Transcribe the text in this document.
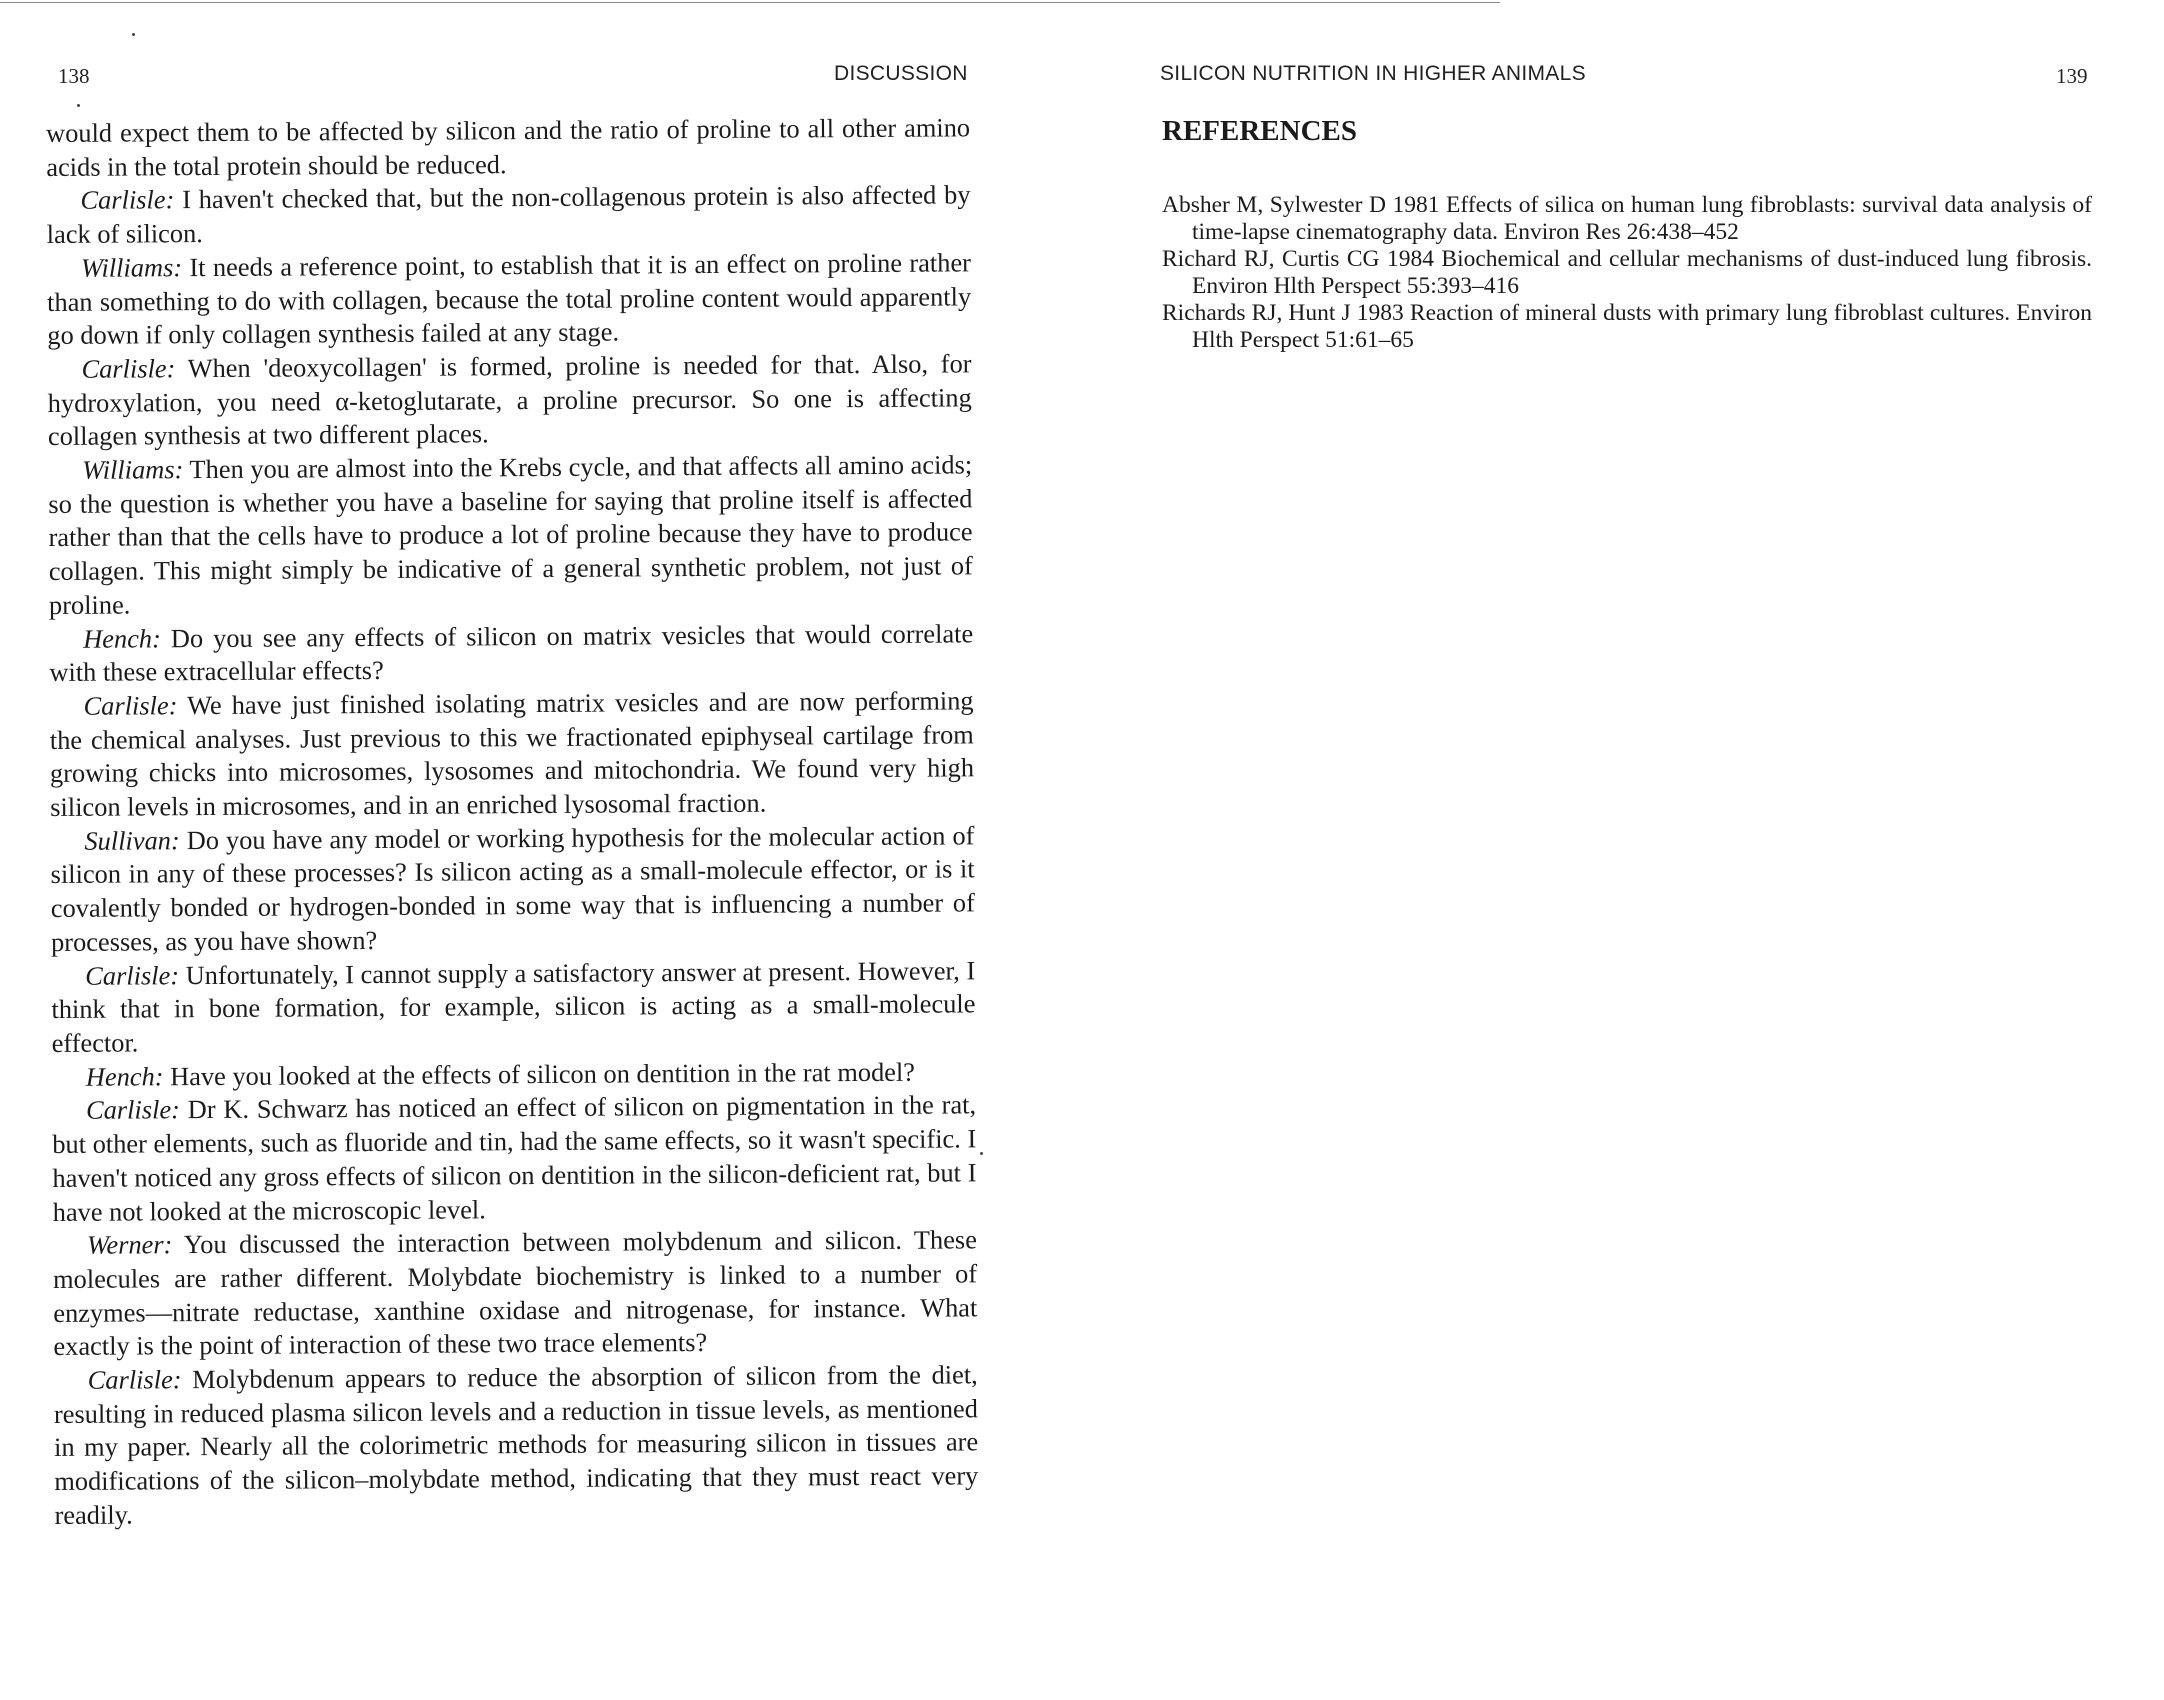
138	DISCUSSION

would expect them to be affected by silicon and the ratio of proline to all other amino acids in the total protein should be reduced.

Carlisle: I haven't checked that, but the non-collagenous protein is also affected by lack of silicon.

Williams: It needs a reference point, to establish that it is an effect on proline rather than something to do with collagen, because the total proline content would apparently go down if only collagen synthesis failed at any stage.

Carlisle: When 'deoxycollagen' is formed, proline is needed for that. Also, for hydroxylation, you need α-ketoglutarate, a proline precursor. So one is affecting collagen synthesis at two different places.

Williams: Then you are almost into the Krebs cycle, and that affects all amino acids; so the question is whether you have a baseline for saying that proline itself is affected rather than that the cells have to produce a lot of proline because they have to produce collagen. This might simply be indicative of a general synthetic problem, not just of proline.

Hench: Do you see any effects of silicon on matrix vesicles that would correlate with these extracellular effects?

Carlisle: We have just finished isolating matrix vesicles and are now performing the chemical analyses. Just previous to this we fractionated epiphyseal cartilage from growing chicks into microsomes, lysosomes and mitochondria. We found very high silicon levels in microsomes, and in an enriched lysosomal fraction.

Sullivan: Do you have any model or working hypothesis for the molecular action of silicon in any of these processes? Is silicon acting as a small-molecule effector, or is it covalently bonded or hydrogen-bonded in some way that is influencing a number of processes, as you have shown?

Carlisle: Unfortunately, I cannot supply a satisfactory answer at present. However, I think that in bone formation, for example, silicon is acting as a small-molecule effector.

Hench: Have you looked at the effects of silicon on dentition in the rat model?

Carlisle: Dr K. Schwarz has noticed an effect of silicon on pigmentation in the rat, but other elements, such as fluoride and tin, had the same effects, so it wasn't specific. I haven't noticed any gross effects of silicon on dentition in the silicon-deficient rat, but I have not looked at the microscopic level.

Werner: You discussed the interaction between molybdenum and silicon. These molecules are rather different. Molybdate biochemistry is linked to a number of enzymes—nitrate reductase, xanthine oxidase and nitrogenase, for instance. What exactly is the point of interaction of these two trace elements?

Carlisle: Molybdenum appears to reduce the absorption of silicon from the diet, resulting in reduced plasma silicon levels and a reduction in tissue levels, as mentioned in my paper. Nearly all the colorimetric methods for measuring silicon in tissues are modifications of the silicon–molybdate method, indicating that they must react very readily.

SILICON NUTRITION IN HIGHER ANIMALS	139
REFERENCES
Absher M, Sylwester D 1981 Effects of silica on human lung fibroblasts: survival data analysis of time-lapse cinematography data. Environ Res 26:438–452
Richard RJ, Curtis CG 1984 Biochemical and cellular mechanisms of dust-induced lung fibrosis. Environ Hlth Perspect 55:393–416
Richards RJ, Hunt J 1983 Reaction of mineral dusts with primary lung fibroblast cultures. Environ Hlth Perspect 51:61–65
